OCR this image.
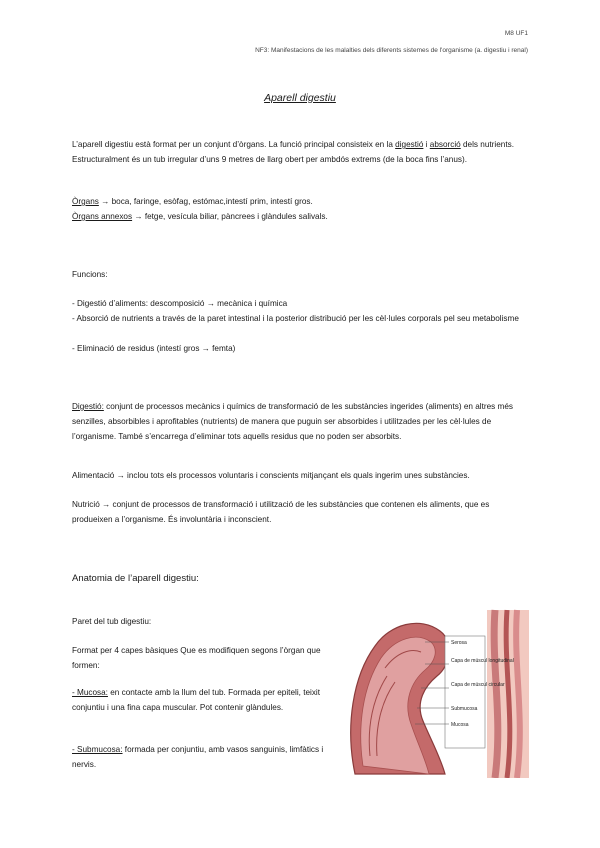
M8 UF1
NF3: Manifestacions de les malalties dels diferents sistemes de l'organisme (a. digestiu i renal)
Aparell digestiu
L’aparell digestiu està format per un conjunt d’òrgans. La funció principal consisteix en la digestió i absorció dels nutrients. Estructuralment és un tub irregular d’uns 9 metres de llarg obert per ambdós extrems (de la boca fins l’anus).
Òrgans → boca, faringe, esòfag, estómac,intestí prim, intestí gros.
Òrgans annexos → fetge, vesícula biliar, pàncrees i glàndules salivals.
Funcions:
- Digestió d’aliments: descomposició → mecànica i química
- Absorció de nutrients a través de la paret intestinal i la posterior distribució per les cèl·lules corporals pel seu metabolisme
- Eliminació de residus (intestí gros → femta)
Digestió: conjunt de processos mecànics i químics de transformació de les substàncies ingerides (aliments) en altres més senzilles, absorbibles i aprofitables (nutrients) de manera que puguin ser absorbides i utilitzades per les cèl·lules de l’organisme. També s’encarrega d’eliminar tots aquells residus que no poden ser absorbits.
Alimentació → inclou tots els processos voluntaris i conscients mitjançant els quals ingerim unes substàncies.
Nutrició → conjunt de processos de transformació i utilització de les substàncies que contenen els aliments, que es produeixen a l’organisme. És involuntària i inconscient.
Anatomia de l’aparell digestiu:
Paret del tub digestiu:
Format per 4 capes bàsiques Que es modifiquen segons l’òrgan que formen:
- Mucosa: en contacte amb la llum del tub. Formada per epiteli, teixit conjuntiu i una fina capa muscular. Pot contenir glàndules.
- Submucosa: formada per conjuntiu, amb vasos sanguinis, limfàtics i nervis.
Serosa
Capa de múscul longitudinal
Capa de múscul circular
Submucosa
Mucosa
